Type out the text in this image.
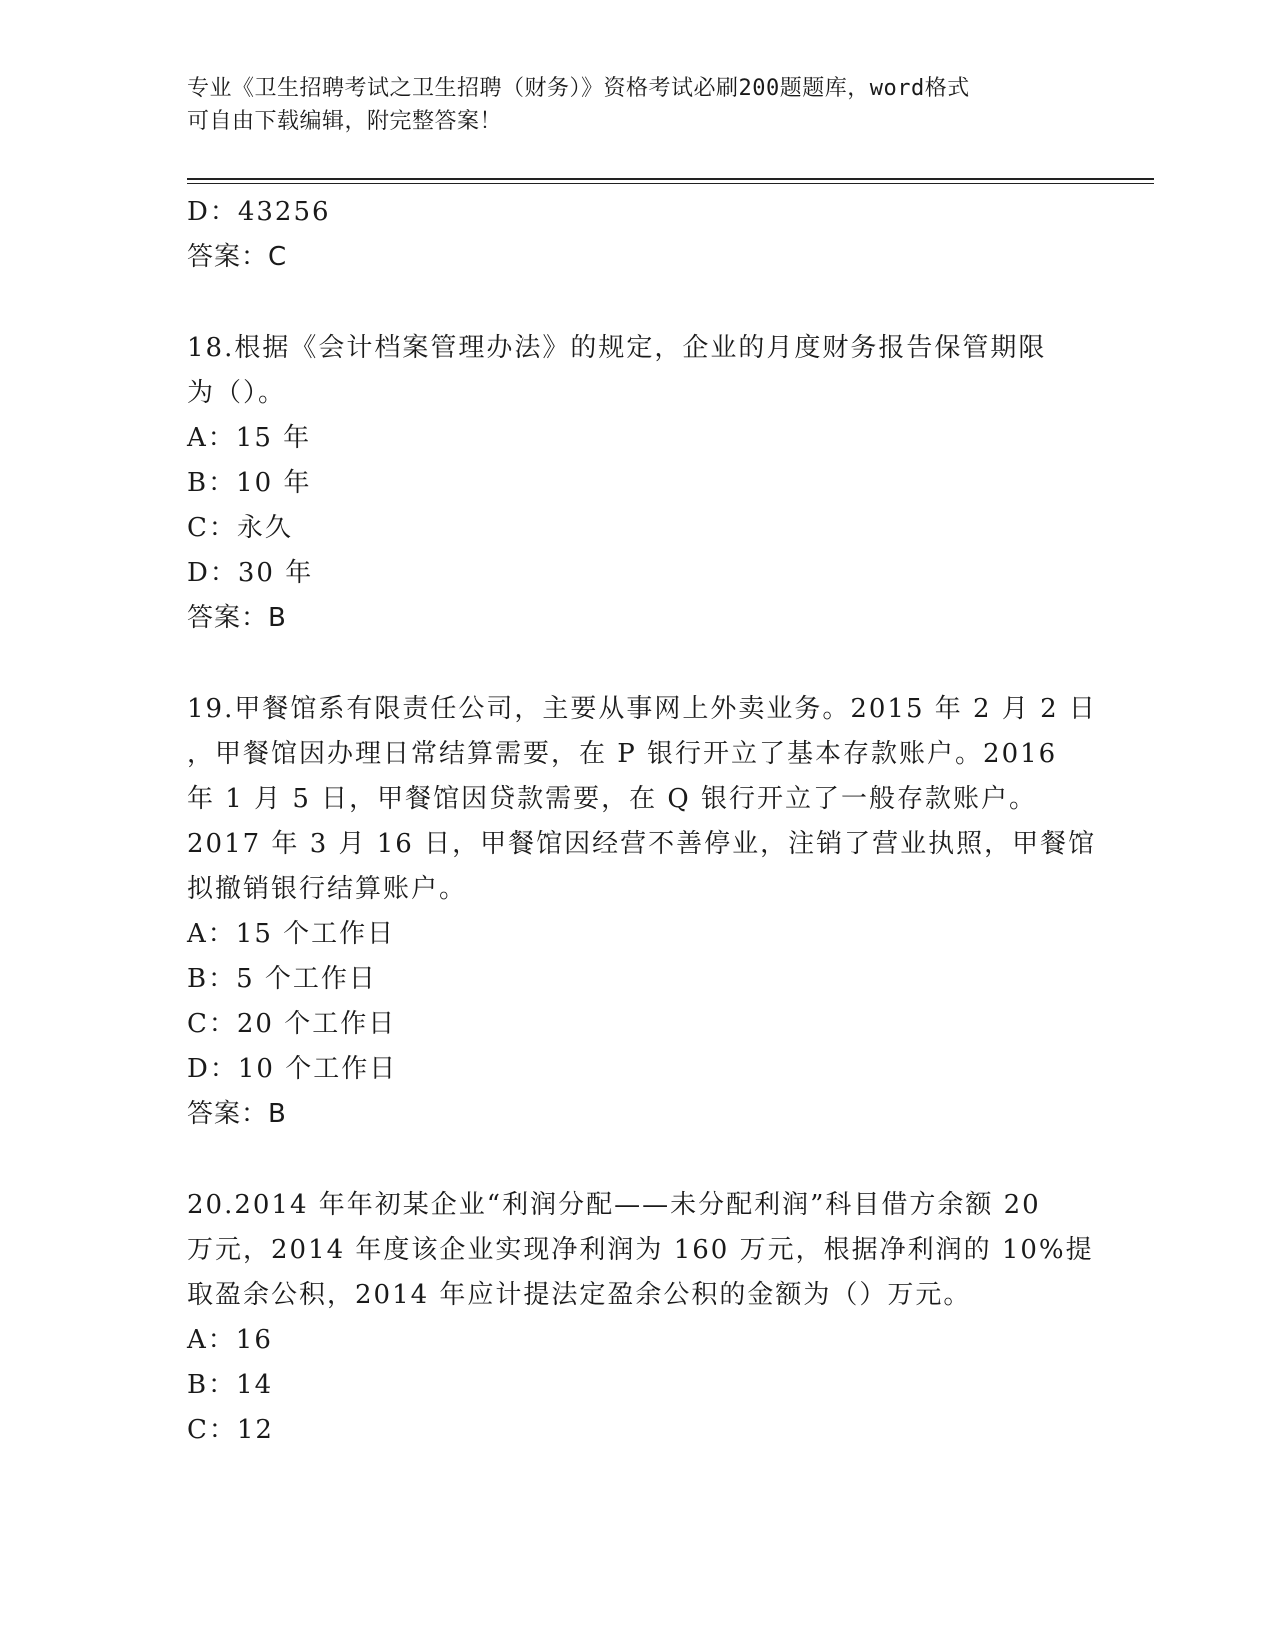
专业《卫生招聘考试之卫生招聘（财务）》资格考试必刷200题题库，word格式
可自由下载编辑，附完整答案！
D：43256
答案：C
18.根据《会计档案管理办法》的规定，企业的月度财务报告保管期限
为（）。
A：15 年
B：10 年
C：永久
D：30 年
答案：B
19.甲餐馆系有限责任公司，主要从事网上外卖业务。2015 年 2 月 2 日
，甲餐馆因办理日常结算需要，在 P 银行开立了基本存款账户。2016
年 1 月 5 日，甲餐馆因贷款需要，在 Q 银行开立了一般存款账户。
2017 年 3 月 16 日，甲餐馆因经营不善停业，注销了营业执照，甲餐馆
拟撤销银行结算账户。
A：15 个工作日
B：5 个工作日
C：20 个工作日
D：10 个工作日
答案：B
20.2014 年年初某企业“利润分配——未分配利润”科目借方余额 20
万元，2014 年度该企业实现净利润为 160 万元，根据净利润的 10%提
取盈余公积，2014 年应计提法定盈余公积的金额为（）万元。
A：16
B：14
C：12
